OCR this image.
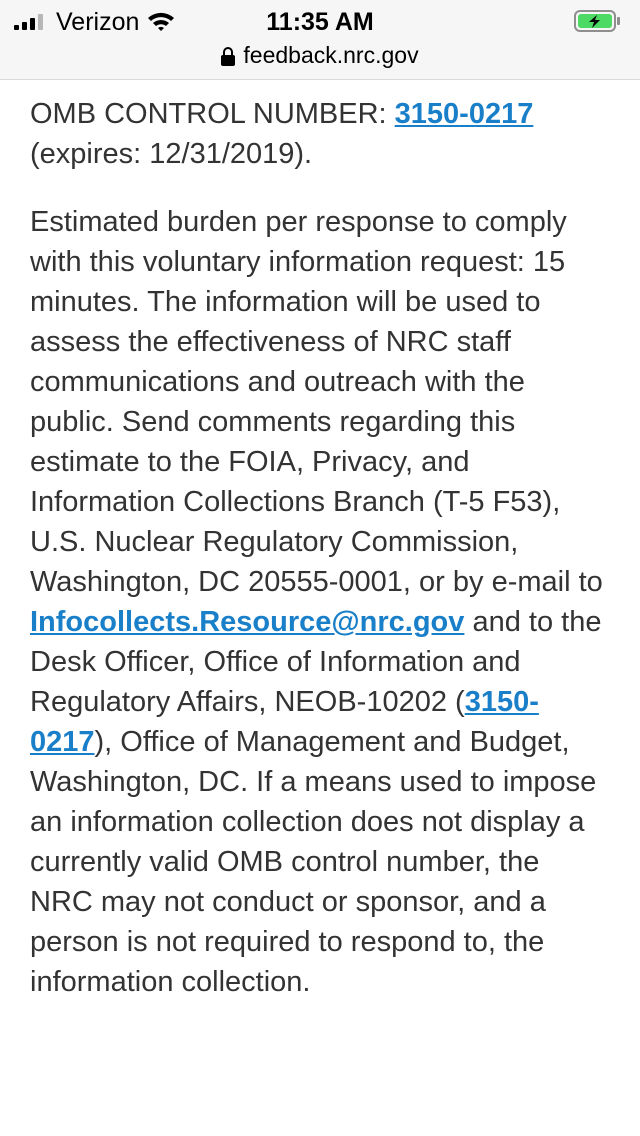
Verizon	11:35 AM
feedback.nrc.gov

OMB CONTROL NUMBER: 3150-0217
(expires: 12/31/2019).

Estimated burden per response to comply with this voluntary information request: 15 minutes. The information will be used to assess the effectiveness of NRC staff communications and outreach with the public. Send comments regarding this estimate to the FOIA, Privacy, and Information Collections Branch (T-5 F53), U.S. Nuclear Regulatory Commission, Washington, DC 20555-0001, or by e-mail to Infocollects.Resource@nrc.gov and to the Desk Officer, Office of Information and Regulatory Affairs, NEOB-10202 (3150-0217), Office of Management and Budget, Washington, DC. If a means used to impose an information collection does not display a currently valid OMB control number, the NRC may not conduct or sponsor, and a person is not required to respond to, the information collection.
